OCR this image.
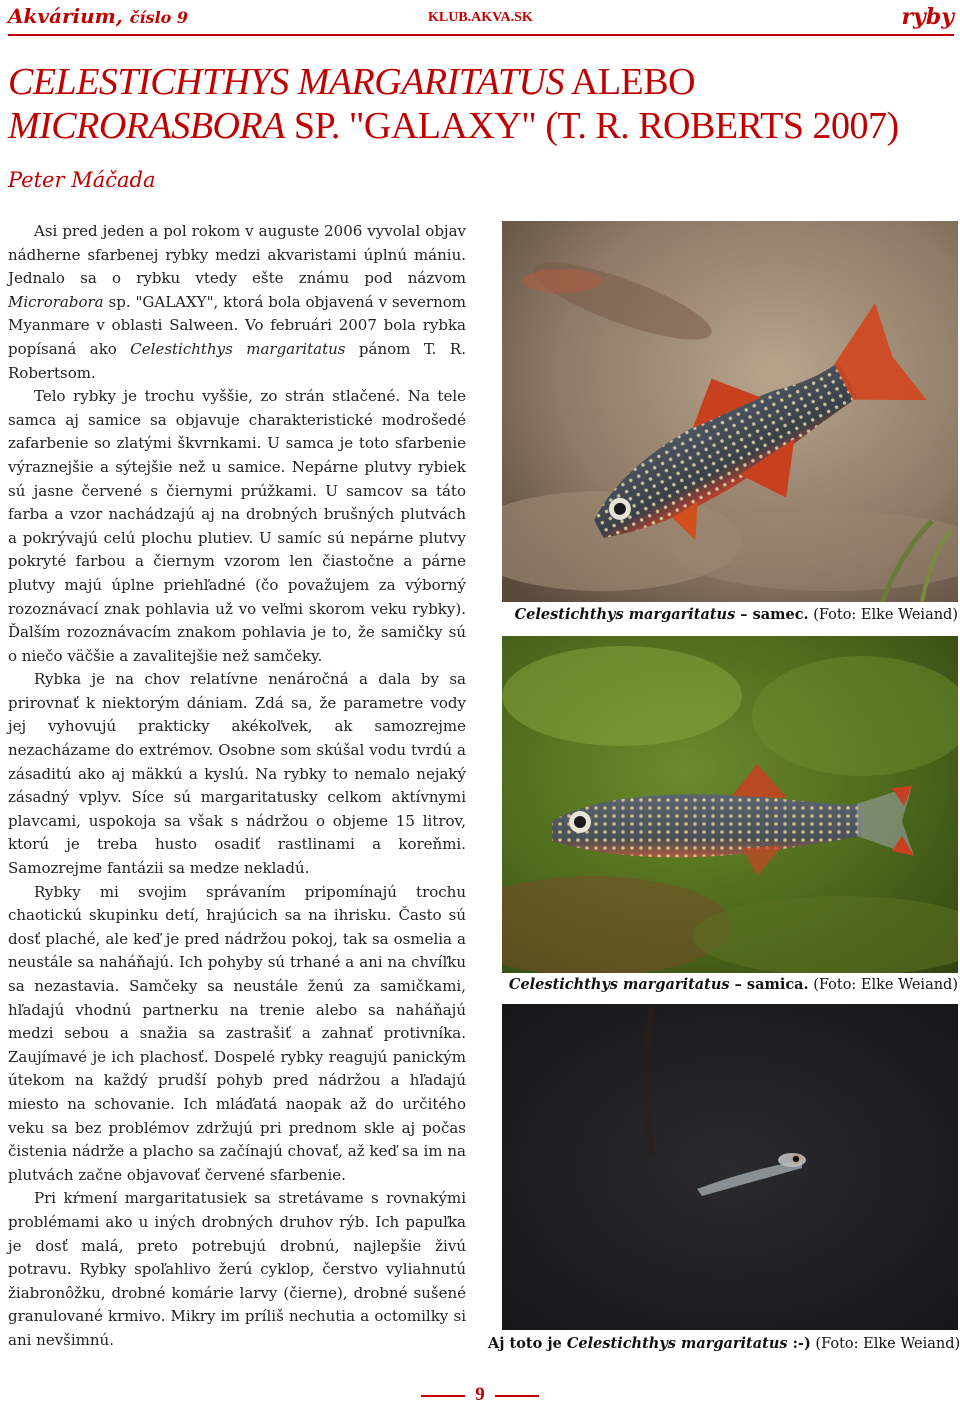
Akvárium, číslo 9	KLUB.AKVA.SK	ryby
CELESTICHTHYS MARGARITATUS ALEBO
MICRORASBORA SP. "GALAXY" (T. R. ROBERTS 2007)
Peter Máčada

Asi pred jeden a pol rokom v auguste 2006 vyvolal objav nádherne sfarbenej rybky medzi akvaristami úplnú mániu. Jednalo sa o rybku vtedy ešte známu pod názvom Microrabora sp. "GALAXY", ktorá bola objavená v severnom Myanmare v oblasti Salween. Vo februári 2007 bola rybka popísaná ako Celestichthys margaritatus pánom T. R. Robertsom.

Telo rybky je trochu vyššie, zo strán stlačené. Na tele samca aj samice sa objavuje charakteristické modrošedé zafarbenie so zlatými škvrnkami. U samca je toto sfarbenie výraznejšie a sýtejšie než u samice. Nepárne plutvy rybiek sú jasne červené s čiernymi prúžkami. U samcov sa táto farba a vzor nachádzajú aj na drobných brušných plutvách a pokrývajú celú plochu plutiev. U samíc sú nepárne plutvy pokryté farbou a čiernym vzorom len čiastočne a párne plutvy majú úplne priehľadné (čo považujem za výborný rozoznávací znak pohlavia už vo veľmi skorom veku rybky). Ďalším rozoznávacím znakom pohlavia je to, že samičky sú o niečo väčšie a zavalitejšie než samčeky.

Rybka je na chov relatívne nenáročná a dala by sa prirovnať k niektorým dániam. Zdá sa, že parametre vody jej vyhovujú prakticky akékoľvek, ak samozrejme nezacházame do extrémov. Osobne som skúšal vodu tvrdú a zásaditú ako aj mäkkú a kyslú. Na rybky to nemalo nejaký zásadný vplyv. Síce sú margaritatusky celkom aktívnymi plavcami, uspokoja sa však s nádržou o objeme 15 litrov, ktorú je treba husto osadiť rastlinami a koreňmi. Samozrejme fantázii sa medze nekladú.

Rybky mi svojim správaním pripomínajú trochu chaotickú skupinku detí, hrajúcich sa na ihrisku. Často sú dosť plaché, ale keď je pred nádržou pokoj, tak sa osmelia a neustále sa naháňajú. Ich pohyby sú trhané a ani na chvíľku sa nezastavia. Samčeky sa neustále ženú za samičkami, hľadajú vhodnú partnerku na trenie alebo sa naháňajú medzi sebou a snažia sa zastrašiť a zahnať protivníka. Zaujímavé je ich plachosť. Dospelé rybky reagujú panickým útekom na každý prudší pohyb pred nádržou a hľadajú miesto na schovanie. Ich mláďatá naopak až do určitého veku sa bez problémov zdržujú pri prednom skle aj počas čistenia nádrže a placho sa začínajú chovať, až keď sa im na plutvách začne objavovať červené sfarbenie.

Pri kŕmení margaritatusiek sa stretávame s rovnakými problémami ako u iných drobných druhov rýb. Ich papuľka je dosť malá, preto potrebujú drobnú, najlepšie živú potravu. Rybky spoľahlivo žerú cyklop, čerstvo vyliahnutú žiabronôžku, drobné komárie larvy (čierne), drobné sušené granulované krmivo. Mikry im príliš nechutia a octomilky si ani nevšimnú.

Celestichthys margaritatus – samec. (Foto: Elke Weiand)
Celestichthys margaritatus – samica. (Foto: Elke Weiand)
Aj toto je Celestichthys margaritatus :-) (Foto: Elke Weiand)
9
